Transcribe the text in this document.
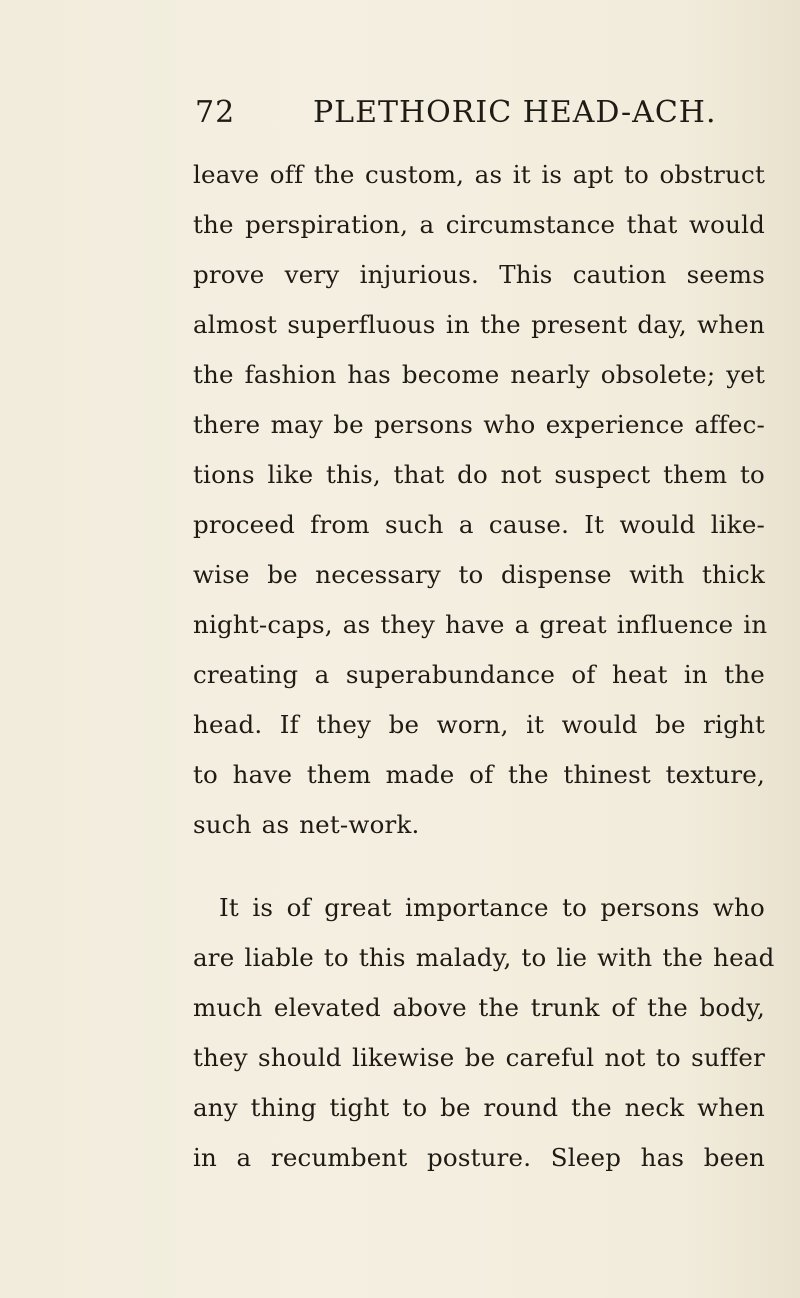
72	PLETHORIC HEAD-ACH.
leave off the custom, as it is apt to obstruct
the perspiration, a circumstance that would
prove very injurious. This caution seems
almost superfluous in the present day, when
the fashion has become nearly obsolete; yet
there may be persons who experience affec-
tions like this, that do not suspect them to
proceed from such a cause. It would like-
wise be necessary to dispense with thick
night-caps, as they have a great influence in
creating a superabundance of heat in the
head. If they be worn, it would be right
to have them made of the thinest texture,
such as net-work.
It is of great importance to persons who
are liable to this malady, to lie with the head
much elevated above the trunk of the body,
they should likewise be careful not to suffer
any thing tight to be round the neck when
in a recumbent posture. Sleep has been
